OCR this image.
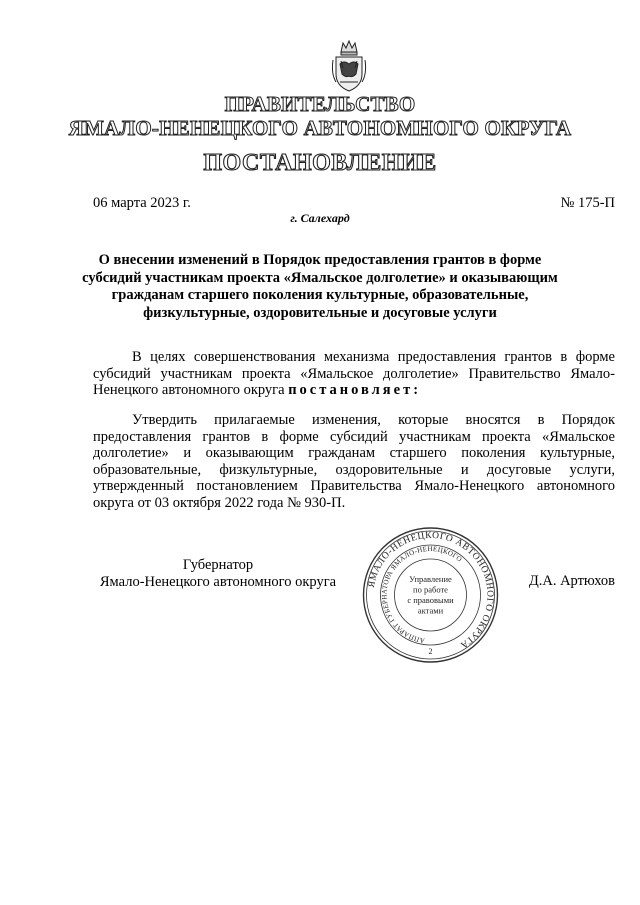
ПРАВИТЕЛЬСТВО
ЯМАЛО-НЕНЕЦКОГО АВТОНОМНОГО ОКРУГА
ПОСТАНОВЛЕНИЕ
06 марта 2023 г.	№ 175-П
г. Салехард
О внесении изменений в Порядок предоставления грантов в форме
субсидий участникам проекта «Ямальское долголетие» и оказывающим
гражданам старшего поколения культурные, образовательные,
физкультурные, оздоровительные и досуговые услуги
В целях совершенствования механизма предоставления грантов в форме субсидий участникам проекта «Ямальское долголетие» Правительство Ямало-Ненецкого автономного округа постановляет:
Утвердить прилагаемые изменения, которые вносятся в Порядок предоставления грантов в форме субсидий участникам проекта «Ямальское долголетие» и оказывающим гражданам старшего поколения культурные, образовательные, физкультурные, оздоровительные и досуговые услуги, утвержденный постановлением Правительства Ямало-Ненецкого автономного округа от 03 октября 2022 года № 930-П.
Губернатор
Ямало-Ненецкого автономного округа	Д.А. Артюхов
ЯМАЛО-НЕНЕЦКОГО АВТОНОМНОГО ОКРУГА
АППАРАТ ГУБЕРНАТОРА ЯМАЛО-НЕНЕЦКОГО
Управление
по работе
с правовыми
актами
2
